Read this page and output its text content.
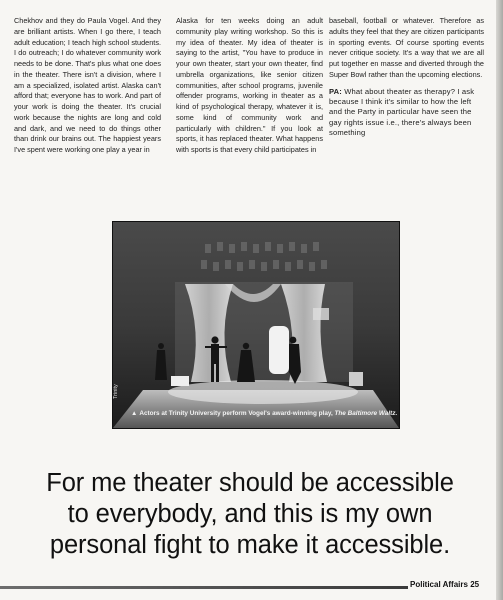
Chekhov and they do Paula Vogel. And they are brilliant artists. When I go there, I teach adult education; I teach high school students. I do outreach; I do whatever community work needs to be done. That's plus what one does in the theater. There isn't a division, where I am a specialized, isolated artist. Alaska can't afford that; everyone has to work. And part of your work is doing the theater. It's crucial work because the nights are long and cold and dark, and we need to do things other than drink our brains out. The happiest years I've spent were working one play a year in

Alaska for ten weeks doing an adult community play writing workshop. So this is my idea of theater. My idea of theater is saying to the artist, "You have to produce in your own theater, start your own theater, find umbrella organizations, like senior citizen communities, after school programs, juvenile offender programs, working in theater as a kind of psychological therapy, whatever it is, some kind of community work and particularly with children." If you look at sports, it has replaced theater. What happens with sports is that every child participates in

baseball, football or whatever. Therefore as adults they feel that they are citizen participants in sporting events. Of course sporting events never critique society. It's a way that we are all put together en masse and diverted through the Super Bowl rather than the upcoming elections.

PA: What about theater as therapy? I ask because I think it's similar to how the left and the Party in particular have seen the gay rights issue i.e., there's always been something

Trinity
▲ Actors at Trinity University perform Vogel's award-winning play, The Baltimore Waltz.
For me theater should be accessible
to everybody, and this is my own
personal fight to make it accessible.
Political Affairs 25
